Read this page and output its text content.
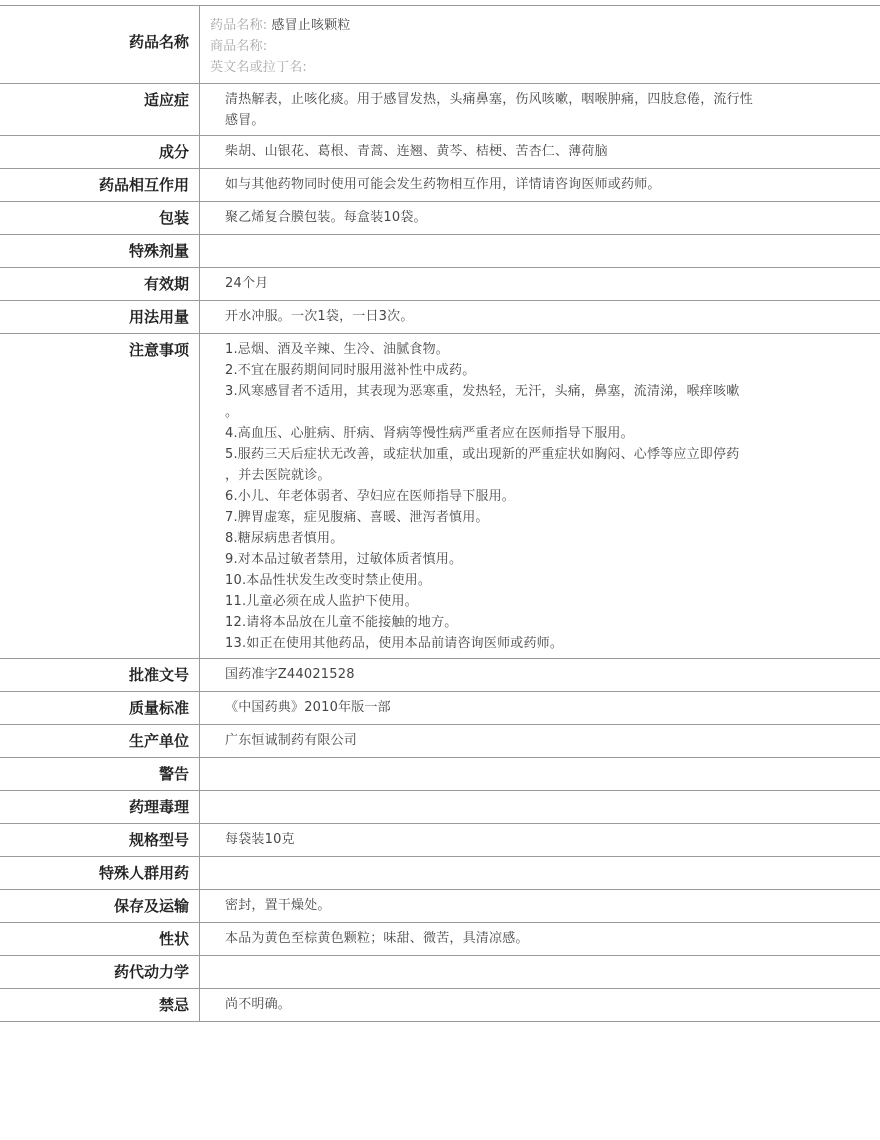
药品名称
药品名称: 感冒止咳颗粒
商品名称:
英文名或拉丁名:
适应症	清热解表，止咳化痰。用于感冒发热，头痛鼻塞，伤风咳嗽，咽喉肿痛，四肢怠倦，流行性

感冒。

成分	柴胡、山银花、葛根、青蒿、连翘、黄芩、桔梗、苦杏仁、薄荷脑

药品相互作用	如与其他药物同时使用可能会发生药物相互作用，详情请咨询医师或药师。

包装	聚乙烯复合膜包装。每盒装10袋。

特殊剂量
有效期	24个月

用法用量	开水冲服。一次1袋，一日3次。

注意事项	1.忌烟、酒及辛辣、生冷、油腻食物。

2.不宜在服药期间同时服用滋补性中成药。

3.风寒感冒者不适用，其表现为恶寒重，发热轻，无汗，头痛，鼻塞，流清涕，喉痒咳嗽

。

4.高血压、心脏病、肝病、肾病等慢性病严重者应在医师指导下服用。

5.服药三天后症状无改善，或症状加重，或出现新的严重症状如胸闷、心悸等应立即停药

，并去医院就诊。

6.小儿、年老体弱者、孕妇应在医师指导下服用。

7.脾胃虚寒，症见腹痛、喜暖、泄泻者慎用。

8.糖尿病患者慎用。

9.对本品过敏者禁用，过敏体质者慎用。

10.本品性状发生改变时禁止使用。

11.儿童必须在成人监护下使用。

12.请将本品放在儿童不能接触的地方。

13.如正在使用其他药品，使用本品前请咨询医师或药师。

批准文号	国药准字Z44021528

质量标准	《中国药典》2010年版一部

生产单位	广东恒诚制药有限公司

警告
药理毒理
规格型号	每袋装10克

特殊人群用药
保存及运输	密封，置干燥处。

性状	本品为黄色至棕黄色颗粒；味甜、微苦，具清凉感。

药代动力学
禁忌	尚不明确。
